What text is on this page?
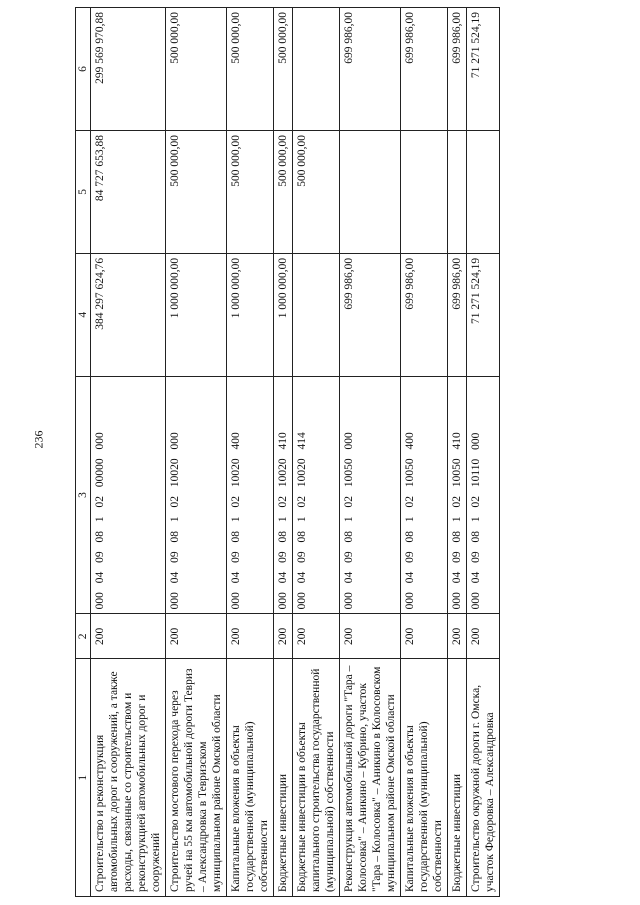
236
1	2	3	4	5	6
Строительство и реконструкция автомобильных дорог и сооружений, а также расходы, связанные со строительством и реконструкцией автомобильных дорог и сооружений	200	000 04 09 08 1 02 00000 000	384 297 624,76	84 727 653,88	299 569 970,88
Строительство мостового перехода через ручей на 55 км автомобильной дороги Тевриз – Александровка в Тевризском муниципальном районе Омской области	200	000 04 09 08 1 02 10020 000	1 000 000,00	500 000,00	500 000,00
Капитальные вложения в объекты государственной (муниципальной) собственности	200	000 04 09 08 1 02 10020 400	1 000 000,00	500 000,00	500 000,00
Бюджетные инвестиции	200	000 04 09 08 1 02 10020 410	1 000 000,00	500 000,00	500 000,00
Бюджетные инвестиции в объекты капитального строительства государственной (муниципальной) собственности	200	000 04 09 08 1 02 10020 414		500 000,00	
Реконструкция автомобильной дороги "Тара – Колосовка" – Аникино – Кубрино, участок "Тара – Колосовка" – Аникино в Колосовском муниципальном районе Омской области	200	000 04 09 08 1 02 10050 000	699 986,00		699 986,00
Капитальные вложения в объекты государственной (муниципальной) собственности	200	000 04 09 08 1 02 10050 400	699 986,00		699 986,00
Бюджетные инвестиции	200	000 04 09 08 1 02 10050 410	699 986,00		699 986,00
Строительство окружной дороги г. Омска, участок Федоровка – Александровка	200	000 04 09 08 1 02 10110 000	71 271 524,19		71 271 524,19
